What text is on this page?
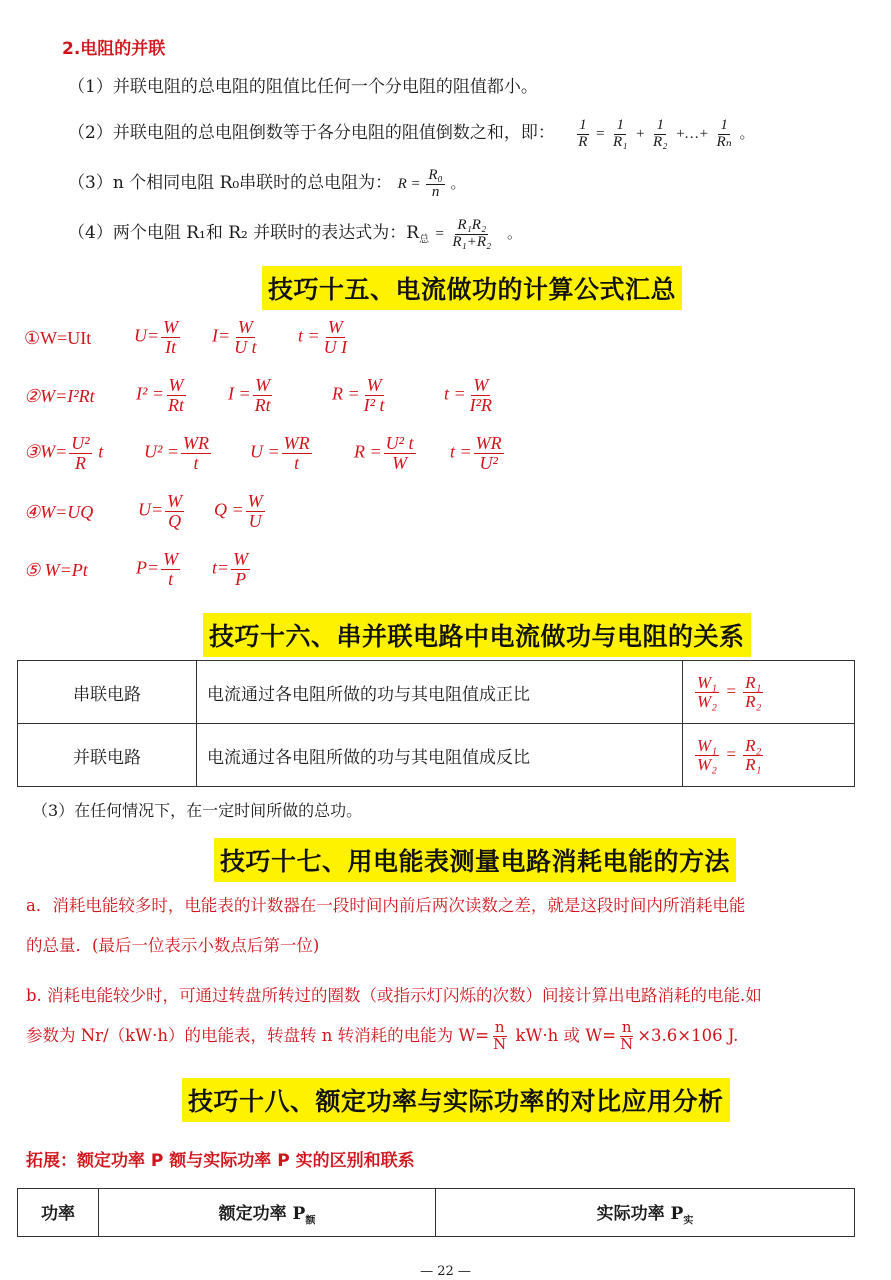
2.电阻的并联
（1）并联电阻的总电阻的阻值比任何一个分电阻的阻值都小。
（2）并联电阻的总电阻倒数等于各分电阻的阻值倒数之和，即： $\frac{1}{R} = \frac{1}{\text{R₁}} + \frac{1}{\text{R₂}}$ +…+ $\frac{1}{\text{Rₙ}}$ 。
（3）n 个相同电阻 R₀串联时的总电阻为： $R = \frac{\text{R₀}}{n}$ 。
（4）两个电阻 R₁和 R₂ 并联时的表达式为：$R_总 = \frac{\text{R₁R₂}}{\text{R₁+R₂}}$ 。
技巧十五、电流做功的计算公式汇总
①W=UIt $U= \frac{W}{It} I= \frac{W}{\text{U t}}$ $t = \frac{W}{\text{U I}}$
②W=I²Rt $I^2 = \frac{W}{Rt}$ $I = \frac{W}{Rt}$	$R = \frac{W}{\text{I² t}}$	$t = \frac{W}{\text{I²R}}$
③W= $\frac{\text{U²}}{R}$ t $U^2 = \frac{WR}{t}$ $U = \frac{WR}{t}$ $R = \frac{\text{U² t}}{W}$ $t = \frac{WR}{\text{U²}}$
④W=UQ $U= \frac{W}{Q}$ $Q = \frac{W}{U}$
⑤ W=Pt	$P= \frac{W}{t} t= \frac{W}{P}$
技巧十六、串并联电路中电流做功与电阻的关系
串联电路	电流通过各电阻所做的功与其电阻值成正比	$\frac{\text{W₁}}{\text{W₂}} = \frac{\text{R₁}}{\text{R₂}}$

并联电路	电流通过各电阻所做的功与其电阻值成反比	$\frac{\text{W₁}}{\text{W₂}} = \frac{\text{R₂}}{\text{R₁}}$
（3）在任何情况下，在一定时间所做的总功。
技巧十七、用电能表测量电路消耗电能的方法
a．消耗电能较多时，电能表的计数器在一段时间内前后两次读数之差，就是这段时间内所消耗电能
的总量．(最后一位表示小数点后第一位)
b. 消耗电能较少时，可通过转盘所转过的圈数（或指示灯闪烁的次数）间接计算出电路消耗的电能.如
参数为 Nr/（kW·h）的电能表，转盘转 n 转消耗的电能为 $W= \frac{n}{N} kW\cdot h$ 或 $W= \frac{n}{N} \times 3.6\times 106$ J.
技巧十八、额定功率与实际功率的对比应用分析
拓展：额定功率 P 额与实际功率 P 实的区别和联系
功率	额定功率 $P_额$	实际功率 $P_实$
— 22 —
